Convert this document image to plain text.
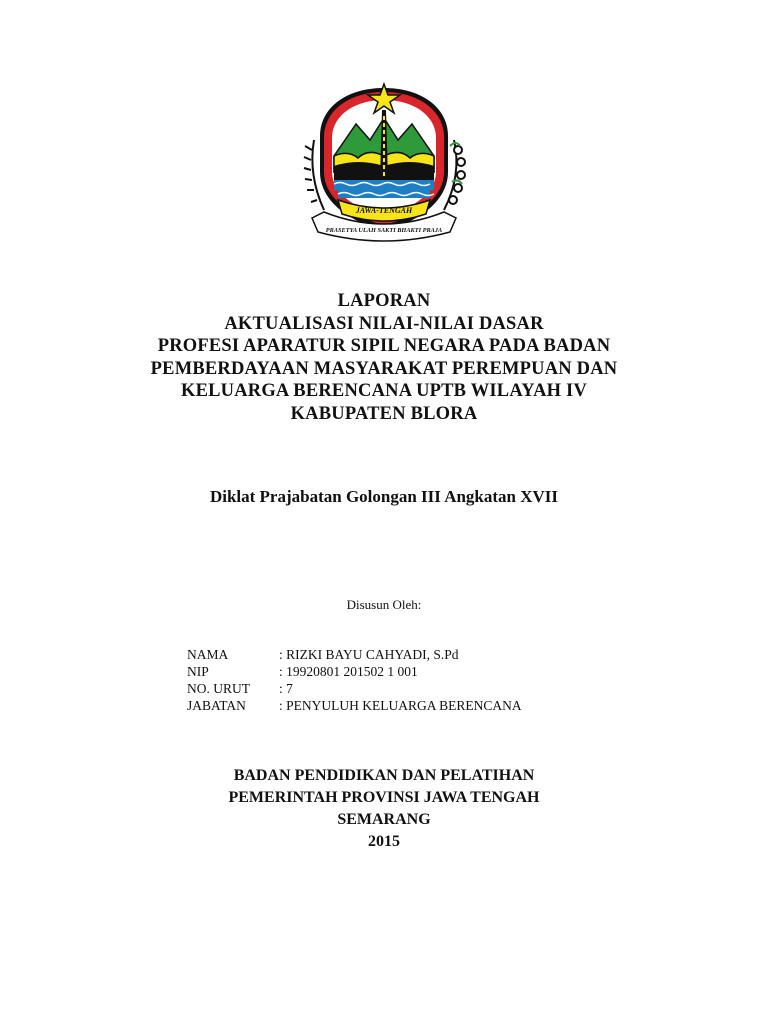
JAWA-TENGAH
PRASETYA ULAH SAKTI BHAKTI PRAJA
LAPORAN
AKTUALISASI NILAI-NILAI DASAR
PROFESI APARATUR SIPIL NEGARA PADA BADAN
PEMBERDAYAAN MASYARAKAT PEREMPUAN DAN
KELUARGA BERENCANA UPTB WILAYAH IV
KABUPATEN BLORA
Diklat Prajabatan Golongan III Angkatan XVII
Disusun Oleh:
NAMA	: RIZKI BAYU CAHYADI, S.Pd
NIP	: 19920801 201502 1 001
NO. URUT	: 7
JABATAN	: PENYULUH KELUARGA BERENCANA
BADAN PENDIDIKAN DAN PELATIHAN
PEMERINTAH PROVINSI JAWA TENGAH
SEMARANG
2015
